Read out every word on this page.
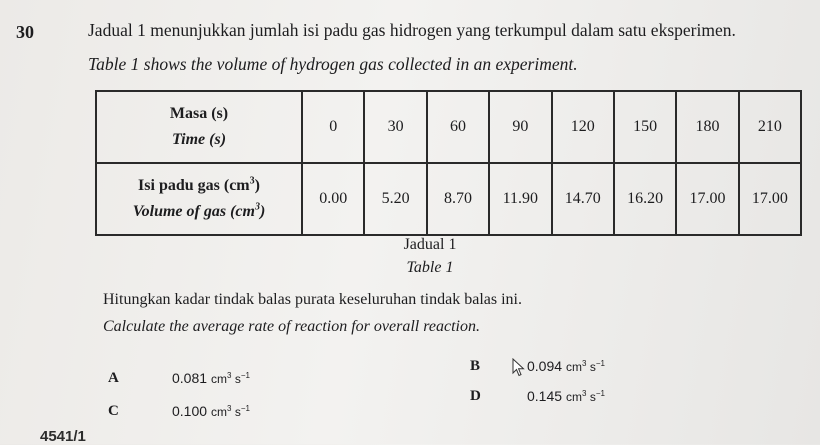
30	Jadual 1 menunjukkan jumlah isi padu gas hidrogen yang terkumpul dalam satu eksperimen.
Table 1 shows the volume of hydrogen gas collected in an experiment.
Masa (s)
Time (s)	0	30	60	90	120	150	180	210

Isi padu gas $(cm^3)$
Volume of gas $(cm^3)$	0.00	5.20	8.70	11.90	14.70	16.20	17.00	17.00
Jadual 1
Table 1
Hitungkan kadar tindak balas purata keseluruhan tindak balas ini.
Calculate the average rate of reaction for overall reaction.
A	0.081 $cm^3$ $s^{-1}$
B	0.094 $cm^3$ $s^{-1}$
C	0.100 $cm^3$ $s^{-1}$
D	0.145 $cm^3$ $s^{-1}$
4541/1
